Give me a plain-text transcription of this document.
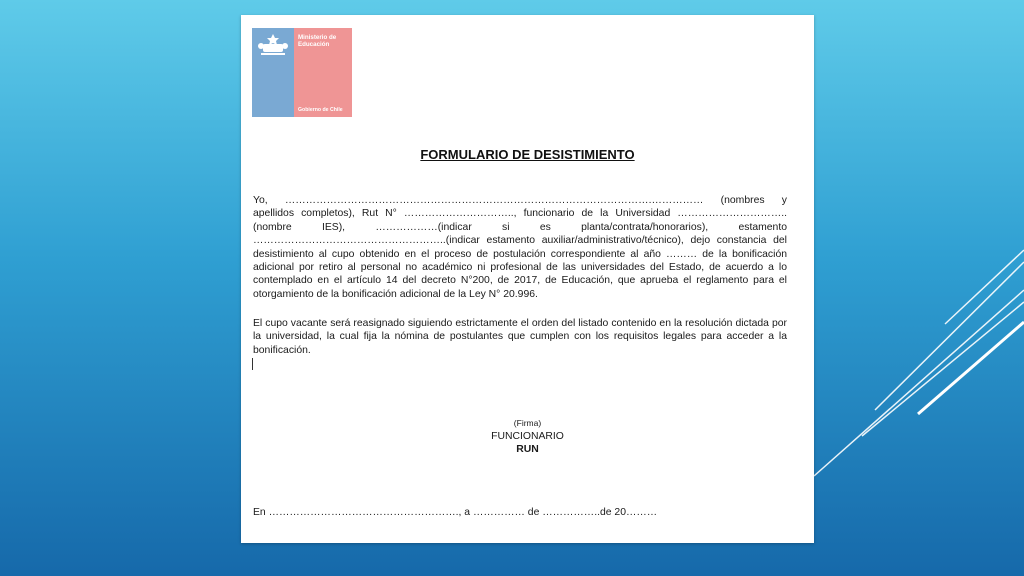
Ministerio de Educación
Gobierno de Chile
FORMULARIO DE DESISTIMIENTO
Yo, …………………………………………………………………………………………….…………… (nombres y apellidos completos), Rut N° ………………………….., funcionario de la Universidad …………………………..(nombre IES), ………………(indicar si es planta/contrata/honorarios), estamento ………………………………………………..(indicar estamento auxiliar/administrativo/técnico), dejo constancia del desistimiento al cupo obtenido en el proceso de postulación correspondiente al año ……… de la bonificación adicional por retiro al personal no académico ni profesional de las universidades del Estado, de acuerdo a lo contemplado en el artículo 14 del decreto N°200, de 2017, de Educación, que aprueba el reglamento para el otorgamiento de la bonificación adicional de la Ley N° 20.996.
El cupo vacante será reasignado siguiendo estrictamente el orden del listado contenido en la resolución dictada por la universidad, la cual fija la nómina de postulantes que cumplen con los requisitos legales para acceder a la bonificación.
(Firma)
FUNCIONARIO
RUN
En ………………………………………………., a …………… de ……………..de 20………
